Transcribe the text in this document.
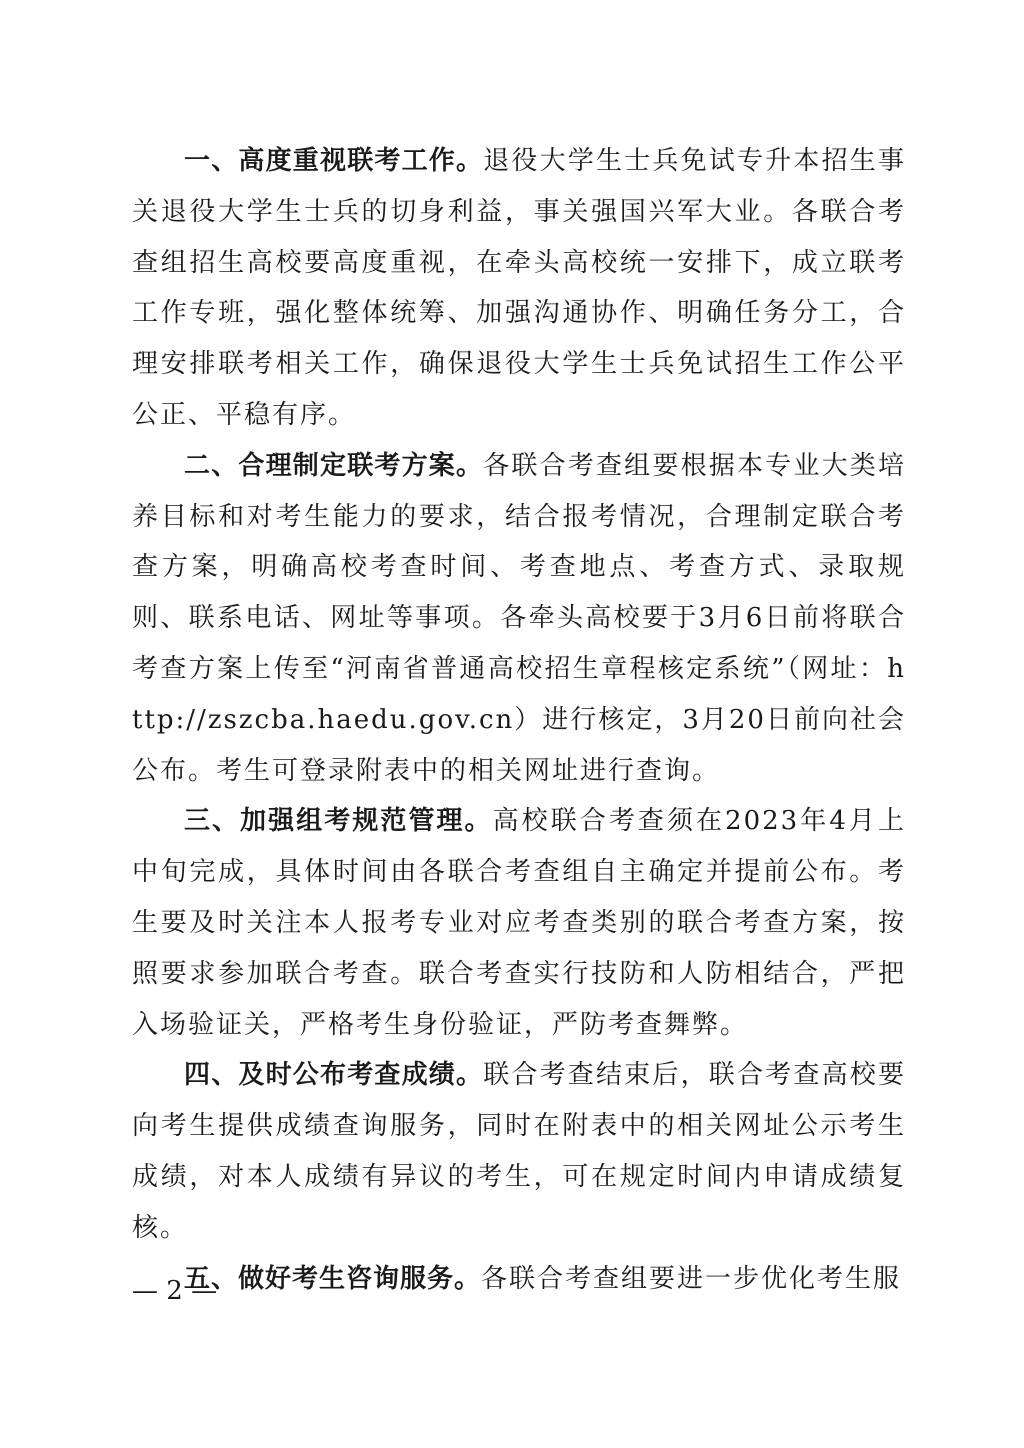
一、高度重视联考工作。退役大学生士兵免试专升本招生事关退役大学生士兵的切身利益，事关强国兴军大业。各联合考查组招生高校要高度重视，在牵头高校统一安排下，成立联考工作专班，强化整体统筹、加强沟通协作、明确任务分工，合理安排联考相关工作，确保退役大学生士兵免试招生工作公平公正、平稳有序。

二、合理制定联考方案。各联合考查组要根据本专业大类培养目标和对考生能力的要求，结合报考情况，合理制定联合考查方案，明确高校考查时间、考查地点、考查方式、录取规则、联系电话、网址等事项。各牵头高校要于3月6日前将联合考查方案上传至“河南省普通高校招生章程核定系统”（网址：http://zszcba.haedu.gov.cn）进行核定，3月20日前向社会公布。考生可登录附表中的相关网址进行查询。

三、加强组考规范管理。高校联合考查须在2023年4月上中旬完成，具体时间由各联合考查组自主确定并提前公布。考生要及时关注本人报考专业对应考查类别的联合考查方案，按照要求参加联合考查。联合考查实行技防和人防相结合，严把入场验证关，严格考生身份验证，严防考查舞弊。

四、及时公布考查成绩。联合考查结束后，联合考查高校要向考生提供成绩查询服务，同时在附表中的相关网址公示考生成绩，对本人成绩有异议的考生，可在规定时间内申请成绩复核。

五、做好考生咨询服务。各联合考查组要进一步优化考生服

— 2 —
